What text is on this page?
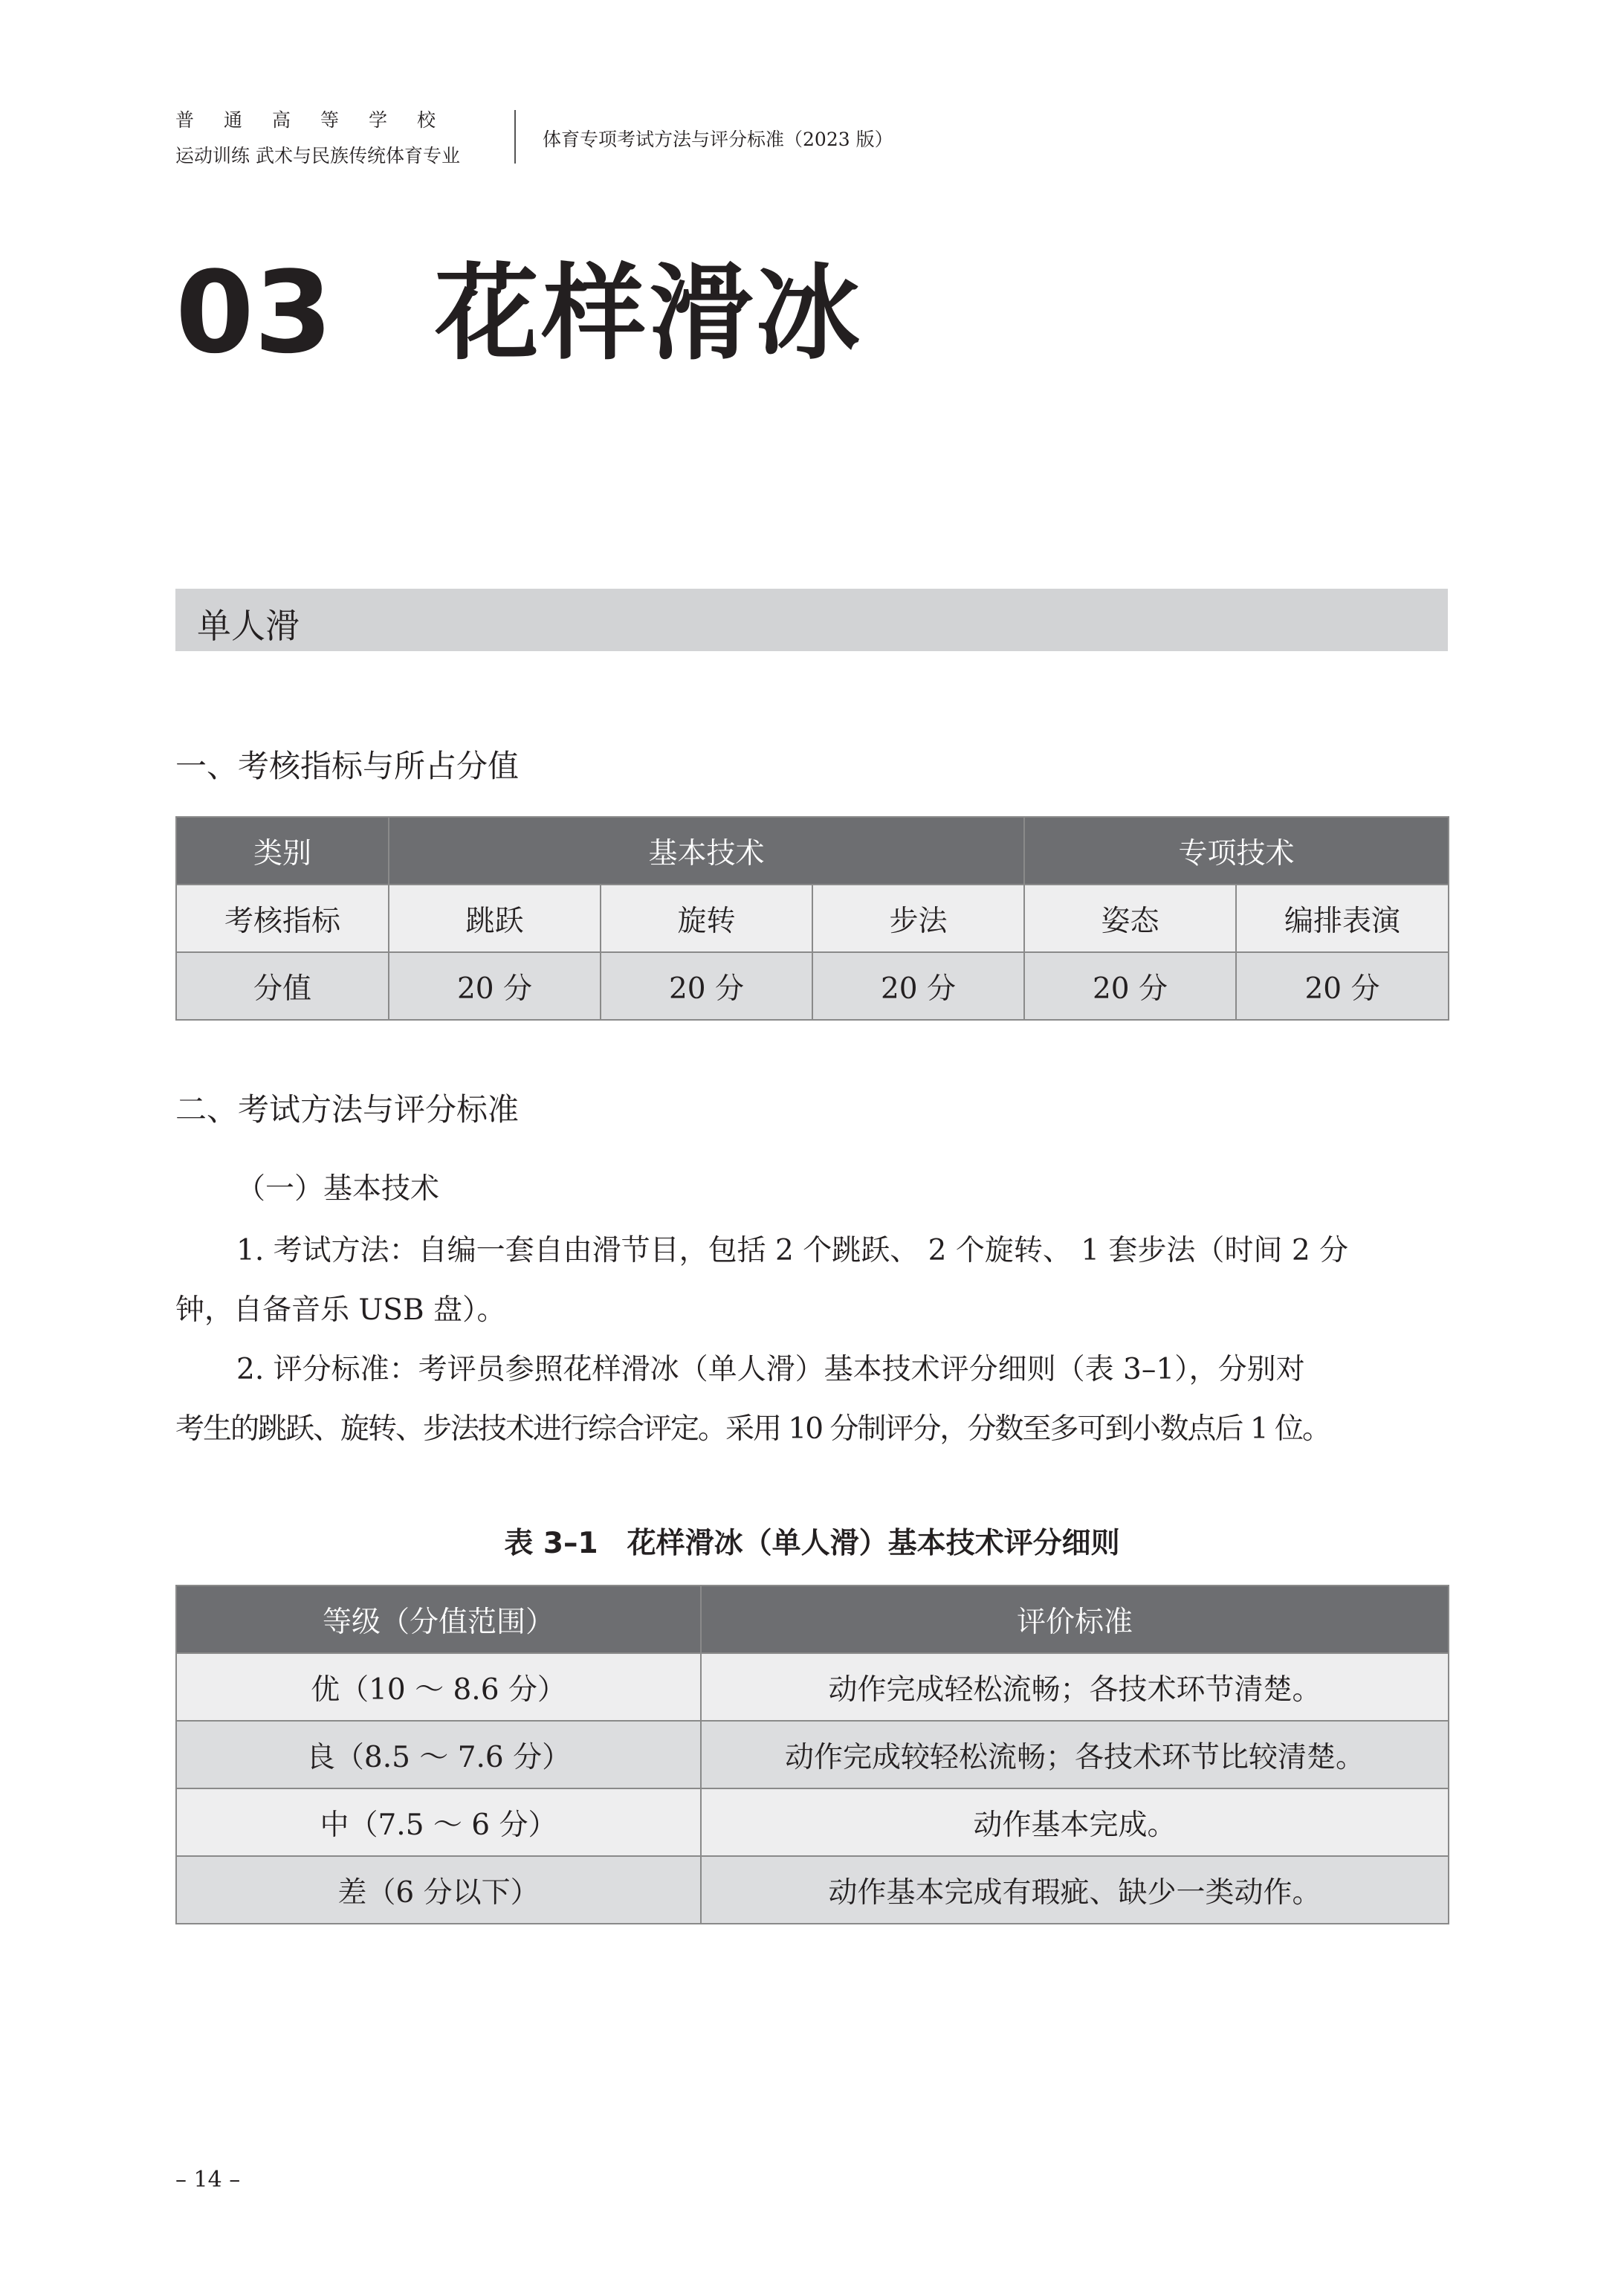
普通高等学校
运动训练 武术与民族传统体育专业
体育专项考试方法与评分标准（2023 版）
03 花样滑冰
单人滑
一、考核指标与所占分值
类别	基本技术			专项技术	
考核指标	跳跃	旋转	步法	姿态	编排表演
分值	20 分	20 分	20 分	20 分	20 分
二、考试方法与评分标准
（一）基本技术
1. 考试方法：自编一套自由滑节目，包括 2 个跳跃、 2 个旋转、 1 套步法（时间 2 分
钟，自备音乐 USB 盘）。
2. 评分标准：考评员参照花样滑冰（单人滑）基本技术评分细则（表 3–1），分别对
考生的跳跃、旋转、步法技术进行综合评定。采用 10 分制评分，分数至多可到小数点后 1 位。
表 3–1　花样滑冰（单人滑）基本技术评分细则
等级（分值范围）	评价标准
优（10 ～ 8.6 分）	动作完成轻松流畅；各技术环节清楚。
良（8.5 ～ 7.6 分）	动作完成较轻松流畅；各技术环节比较清楚。
中（7.5 ～ 6 分）	动作基本完成。
差（6 分以下）	动作基本完成有瑕疵、缺少一类动作。
– 14 –
